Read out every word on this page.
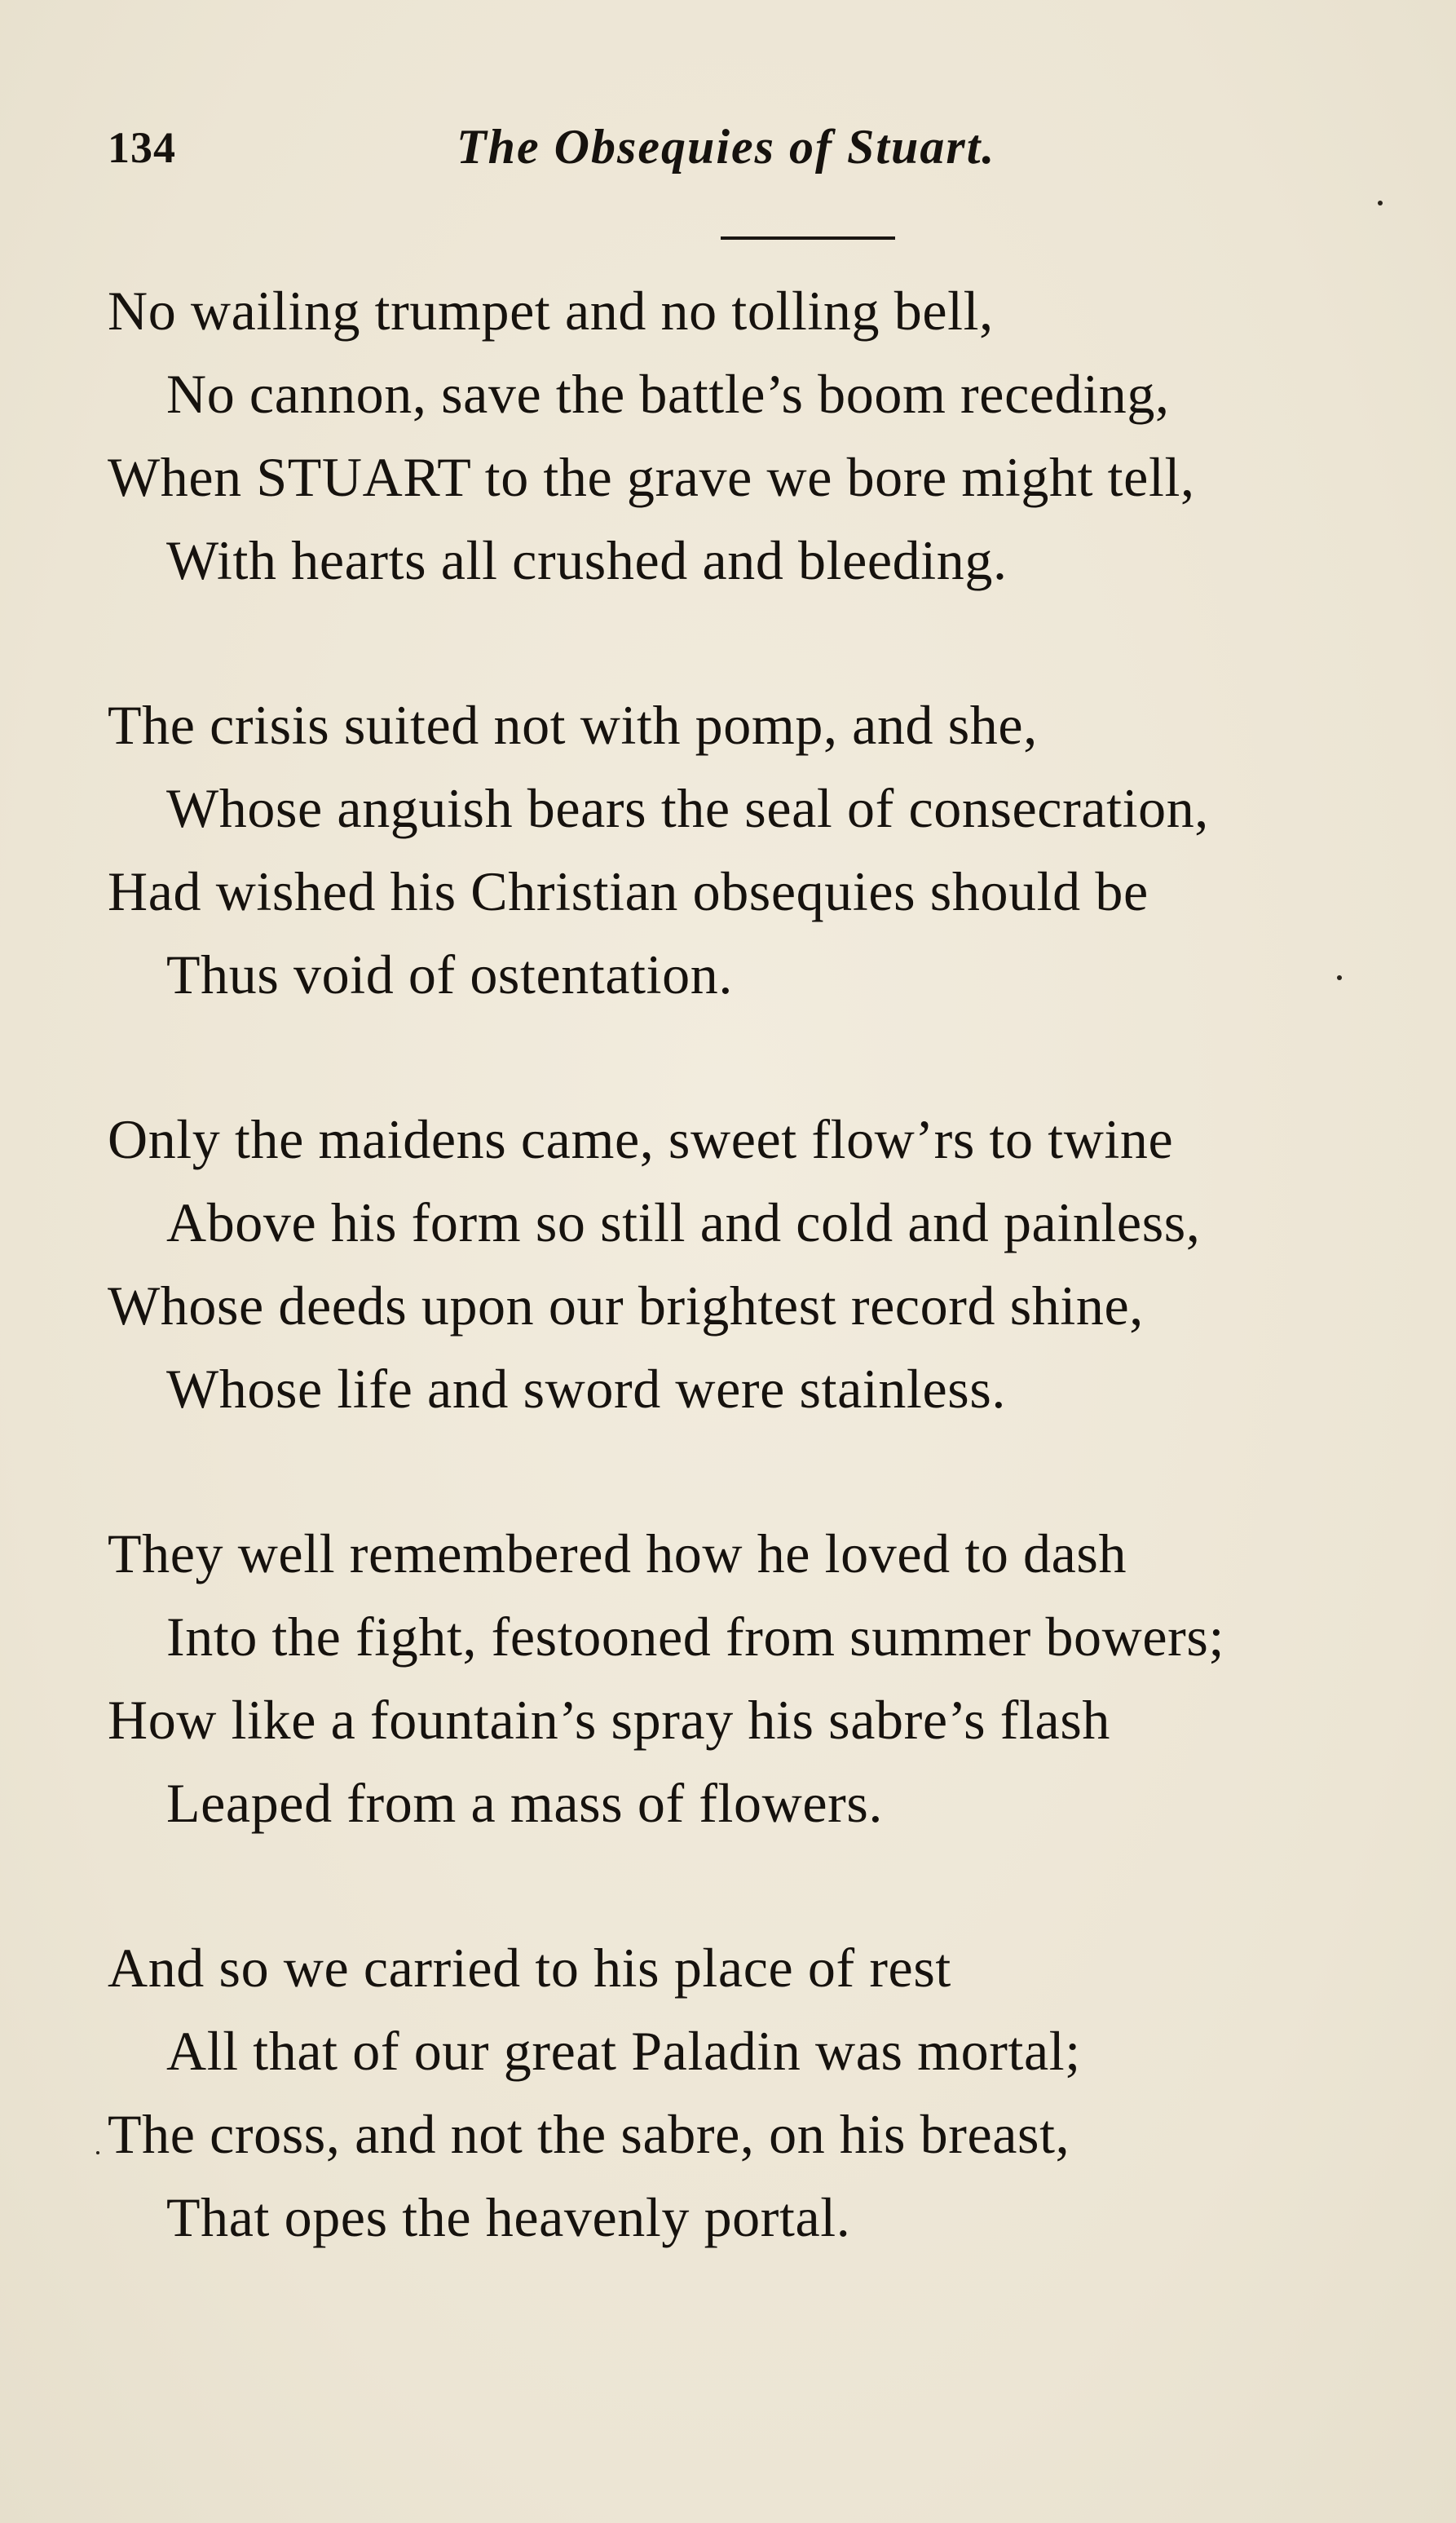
134	The Obsequies of Stuart.
No wailing trumpet and no tolling bell,
No cannon, save the battle’s boom receding,
When STUART to the grave we bore might tell,
With hearts all crushed and bleeding.
The crisis suited not with pomp, and she,
Whose anguish bears the seal of consecration,
Had wished his Christian obsequies should be
Thus void of ostentation.
Only the maidens came, sweet flow’rs to twine
Above his form so still and cold and painless,
Whose deeds upon our brightest record shine,
Whose life and sword were stainless.
They well remembered how he loved to dash
Into the fight, festooned from summer bowers;
How like a fountain’s spray his sabre’s flash
Leaped from a mass of flowers.
And so we carried to his place of rest
All that of our great Paladin was mortal;
The cross, and not the sabre, on his breast,
That opes the heavenly portal.
